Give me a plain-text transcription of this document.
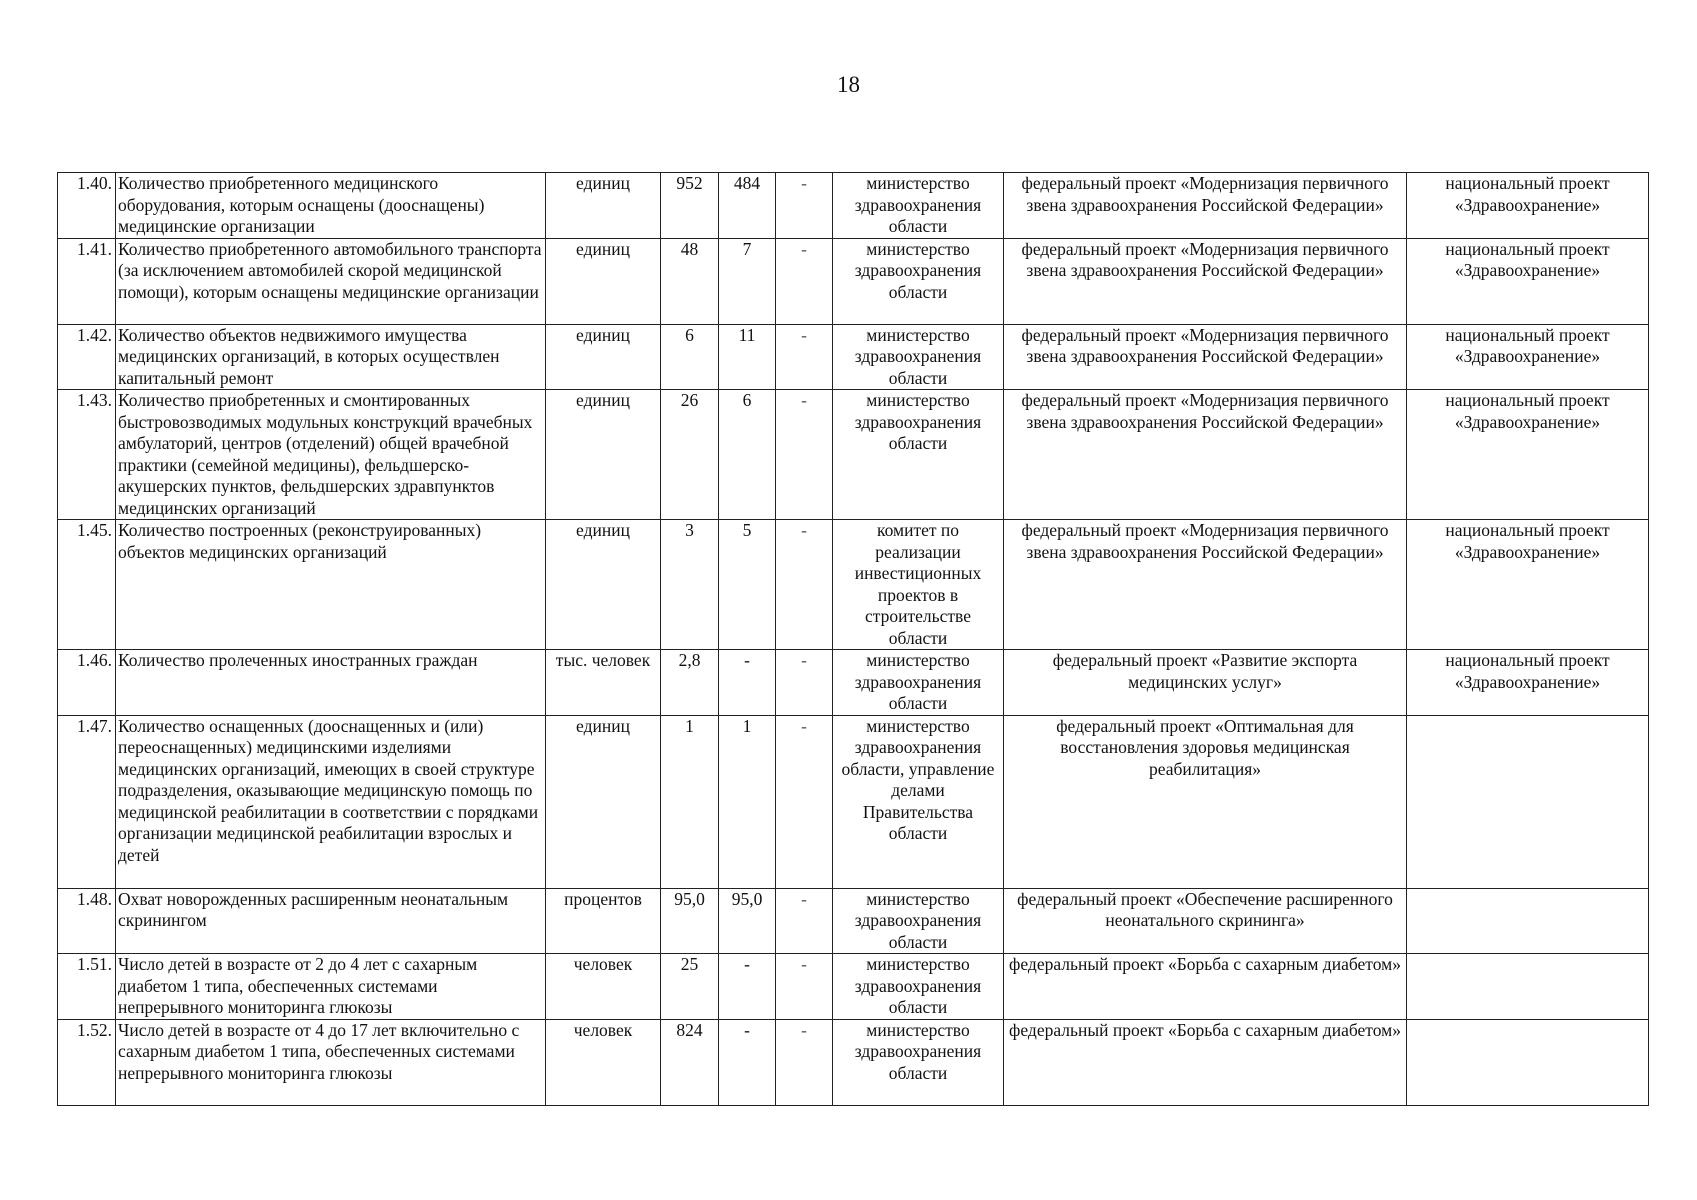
18
1.40.	Количество приобретенного медицинского оборудования, которым оснащены (дооснащены) медицинские организации	единиц	952	484	-	министерство здравоохранения области	федеральный проект «Модернизация первичного звена здравоохранения Российской Федерации»	национальный проект «Здравоохранение»
1.41.	Количество приобретенного автомобильного транспорта (за исключением автомобилей скорой медицинской помощи), которым оснащены медицинские организации	единиц	48	7	-	министерство здравоохранения области	федеральный проект «Модернизация первичного звена здравоохранения Российской Федерации»	национальный проект «Здравоохранение»
1.42.	Количество объектов недвижимого имущества медицинских организаций, в которых осуществлен капитальный ремонт	единиц	6	11	-	министерство здравоохранения области	федеральный проект «Модернизация первичного звена здравоохранения Российской Федерации»	национальный проект «Здравоохранение»
1.43.	Количество приобретенных и смонтированных быстровозводимых модульных конструкций врачебных амбулаторий, центров (отделений) общей врачебной практики (семейной медицины), фельдшерско-акушерских пунктов, фельдшерских здравпунктов медицинских организаций	единиц	26	6	-	министерство здравоохранения области	федеральный проект «Модернизация первичного звена здравоохранения Российской Федерации»	национальный проект «Здравоохранение»
1.45.	Количество построенных (реконструированных) объектов медицинских организаций	единиц	3	5	-	комитет по реализации инвестиционных проектов в строительстве области	федеральный проект «Модернизация первичного звена здравоохранения Российской Федерации»	национальный проект «Здравоохранение»
1.46.	Количество пролеченных иностранных граждан	тыс. человек	2,8	-	-	министерство здравоохранения области	федеральный проект «Развитие экспорта медицинских услуг»	национальный проект «Здравоохранение»
1.47.	Количество оснащенных (дооснащенных и (или) переоснащенных) медицинскими изделиями медицинских организаций, имеющих в своей структуре подразделения, оказывающие медицинскую помощь по медицинской реабилитации в соответствии с порядками организации медицинской реабилитации взрослых и детей	единиц	1	1	-	министерство здравоохранения области, управление делами Правительства области	федеральный проект «Оптимальная для восстановления здоровья медицинская реабилитация»	
1.48.	Охват новорожденных расширенным неонатальным скринингом	процентов	95,0	95,0	-	министерство здравоохранения области	федеральный проект «Обеспечение расширенного неонатального скрининга»	
1.51.	Число детей в возрасте от 2 до 4 лет с сахарным диабетом 1 типа, обеспеченных системами непрерывного мониторинга глюкозы	человек	25	-	-	министерство здравоохранения области	федеральный проект «Борьба с сахарным диабетом»	
1.52.	Число детей в возрасте от 4 до 17 лет включительно с сахарным диабетом 1 типа, обеспеченных системами непрерывного мониторинга глюкозы	человек	824	-	-	министерство здравоохранения области	федеральный проект «Борьба с сахарным диабетом»	
